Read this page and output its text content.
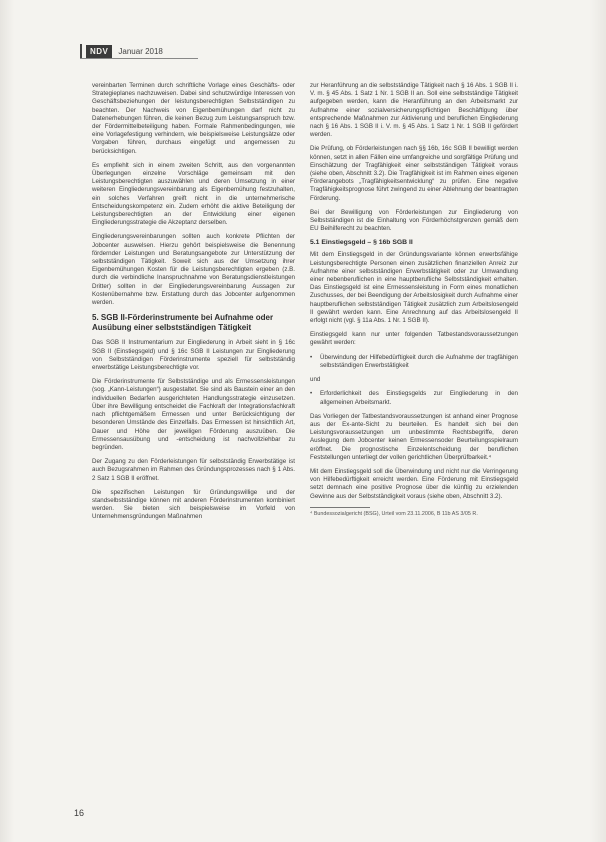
NDV	Januar 2018

vereinbarten Terminen durch schriftliche Vorlage eines Geschäfts- oder Strategieplanes nachzuweisen. Dabei sind schutzwürdige Interessen von Geschäftsbeziehungen der leistungsberechtigten Selbstständigen zu beachten. Der Nachweis von Eigenbemühungen darf nicht zu Datenerhebungen führen, die keinen Bezug zum Leistungsanspruch bzw. der Fördermittelbeteiligung haben. Formale Rahmenbedingungen, wie eine Vorlagefestigung verhindern, wie beispielsweise Leistungsätze oder Vorgaben führen, durchaus eingefügt und angemessen zu berücksichtigen.

Es empfiehlt sich in einem zweiten Schritt, aus den vorgenannten Überlegungen einzelne Vorschläge gemeinsam mit den Leistungsberechtigten auszuwählen und deren Umsetzung in einer weiteren Eingliederungsvereinbarung als Eigenbemühung festzuhalten, ein solches Verfahren greift nicht in die unternehmerische Entscheidungskompetenz ein. Zudem erhöht die aktive Beteiligung der Leistungsberechtigten an der Entwicklung einer eigenen Eingliederungsstrategie die Akzeptanz derselben.

Eingliederungsvereinbarungen sollten auch konkrete Pflichten der Jobcenter auswelsen. Hierzu gehört beispielsweise die Benennung fördernder Leistungen und Beratungsangebote zur Unterstützung der selbstständigen Tätigkeit. Soweit sich aus der Umsetzung ihrer Eigenbemühungen Kosten für die Leistungsberechtigten ergeben (z.B. durch die verbindliche Inanspruchnahme von Beratungsdienstleistungen Dritter) sollten in der Eingliederungsvereinbarung Aussagen zur Kostenübernahme bzw. Erstattung durch das Jobcenter aufgenommen werden.

5. SGB II-Förderinstrumente bei Aufnahme oder Ausübung einer selbstständigen Tätigkeit

Das SGB II Instrumentarium zur Eingliederung in Arbeit sieht in § 16c SGB II (Einstiegsgeld) und § 16c SGB II Leistungen zur Eingliederung von Selbstständigen Förderinstrumente speziell für selbstständig erwerbstätige Leistungsberechtigte vor.

Die Förderinstrumente für Selbstständige und als Ermessensleistungen (sog. „Kann-Leistungen“) ausgestaltet. Sie sind als Baustein einer an den individuellen Bedarfen ausgerichteten Handlungsstrategie einzusetzen. Über ihre Bewilligung entscheidet die Fachkraft der Integrationsfachkraft nach pflichtgemäßem Ermessen und unter Berücksichtigung der besonderen Umstände des Einzelfalls. Das Ermessen ist hinsichtlich Art, Dauer und Höhe der jeweiligen Förderung auszuüben. Die Ermessensausübung und -entscheidung ist nachvollziehbar zu begründen.

Der Zugang zu den Förderleistungen für selbstständig Erwerbstätige ist auch Bezugsrahmen im Rahmen des Gründungsprozesses nach § 1 Abs. 2 Satz 1 SGB II eröffnet.

Die spezifischen Leistungen für Gründungswillige und der standselbstständige können mit anderen Förderinstrumenten kombiniert werden. Sie bieten sich beispielsweise im Vorfeld von Unternehmensgründungen Maßnahmen

zur Heranführung an die selbstständige Tätigkeit nach § 16 Abs. 1 SGB II i. V. m. § 45 Abs. 1 Satz 1 Nr. 1 SGB II an. Soll eine selbstständige Tätigkeit aufgegeben werden, kann die Heranführung an den Arbeitsmarkt zur Aufnahme einer sozialversicherungspflichtigen Beschäftigung über entsprechende Maßnahmen zur Aktivierung und beruflichen Eingliederung nach § 16 Abs. 1 SGB II i. V. m. § 45 Abs. 1 Satz 1 Nr. 1 SGB II gefördert werden.

Die Prüfung, ob Förderleistungen nach §§ 16b, 16c SGB II bewilligt werden können, setzt in allen Fällen eine umfangreiche und sorgfältige Prüfung und Einschätzung der Tragfähigkeit einer selbstständigen Tätigkeit voraus (siehe oben, Abschnitt 3.2). Die Tragfähigkeit ist im Rahmen eines eigenen Förderangebots „Tragfähigkeitsentwicklung“ zu prüfen. Eine negative Tragfähigkeitsprognose führt zwingend zu einer Ablehnung der beantragten Förderung.

Bei der Bewilligung von Förderleistungen zur Eingliederung von Selbstständigen ist die Einhaltung von Förderhöchstgrenzen gemäß dem EU Beihilferecht zu beachten.

5.1 Einstiegsgeld – § 16b SGB II

Mit dem Einstiegsgeld in der Gründungsvariante können erwerbsfähige Leistungsberechtigte Personen einen zusätzlichen finanziellen Anreiz zur Aufnahme einer selbstständigen Erwerbstätigkeit oder zur Umwandlung einer nebenberuflichen in eine hauptberufliche Selbstständigkeit erhalten. Das Einstiegsgeld ist eine Ermessensleistung in Form eines monatlichen Zuschusses, der bei Beendigung der Arbeitslosigkeit durch Aufnahme einer hauptberuflichen selbstständigen Tätigkeit zusätzlich zum Arbeitslosengeld II gewährt werden kann. Eine Anrechnung auf das Arbeitslosengeld II erfolgt nicht (vgl. § 11a Abs. 1 Nr. 1 SGB II).

Einstiegsgeld kann nur unter folgenden Tatbestandsvoraussetzungen gewährt werden:

• Überwindung der Hilfebedürftigkeit durch die Aufnahme der tragfähigen selbstständigen Erwerbstätigkeit

und

• Erforderlichkeit des Einstiegsgelds zur Eingliederung in den allgemeinen Arbeitsmarkt.

Das Vorliegen der Tatbestandsvoraussetzungen ist anhand einer Prognose aus der Ex-ante-Sicht zu beurteilen. Es handelt sich bei den Leistungsvoraussetzungen um unbestimmte Rechtsbegriffe, deren Auslegung dem Jobcenter keinen Ermessensoder Beurteilungsspielraum eröffnet. Die prognostische Einzelentscheidung der beruflichen Feststellungen unterliegt der vollen gerichtlichen Überprüfbarkeit.⁴

Mit dem Einstiegsgeld soll die Überwindung und nicht nur die Verringerung von Hilfebedürftigkeit erreicht werden. Eine Förderung mit Einstiegsgeld setzt demnach eine positive Prognose über die künftig zu erzielenden Gewinne aus der Selbstständigkeit voraus (siehe oben, Abschnitt 3.2).

⁴ Bundessozialgericht (BSG), Urteil vom 23.11.2006, B 11b AS 3/05 R.
16
